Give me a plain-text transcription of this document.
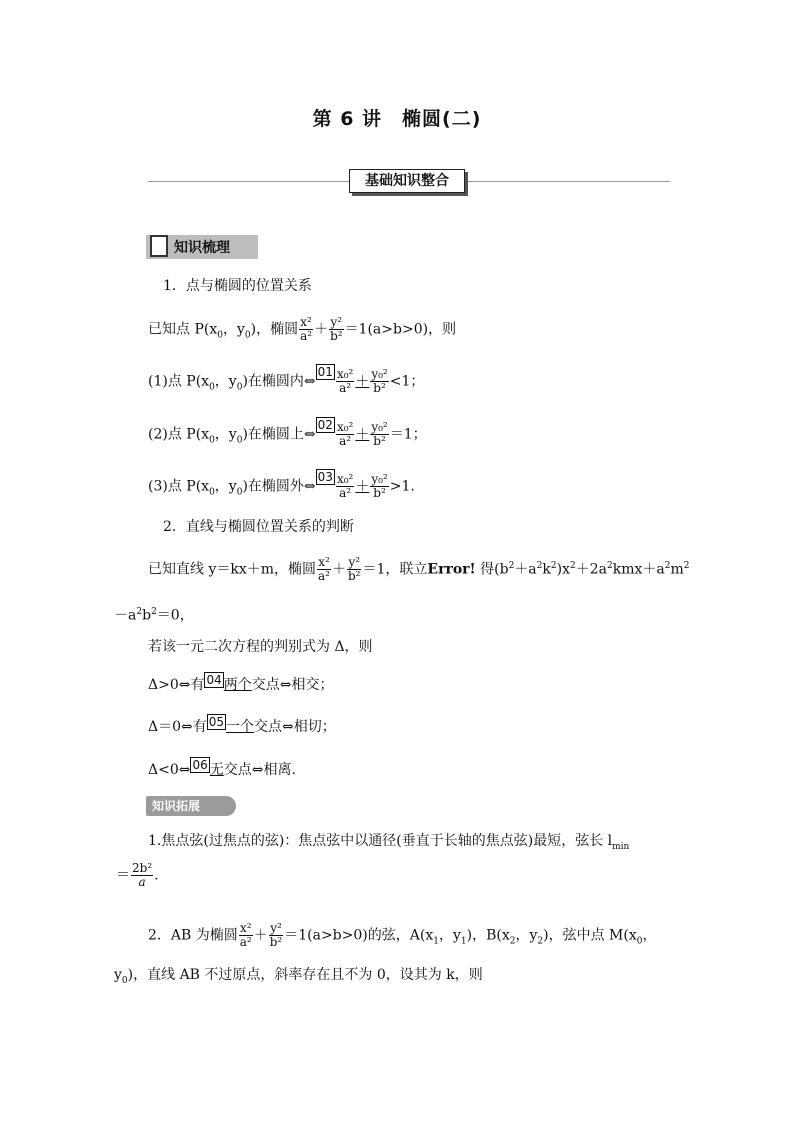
第 6 讲　椭圆(二)
基础知识整合
知识梳理
1．点与椭圆的位置关系
已知点 $P(x_0$，$y_0$)，椭圆 $\frac{\text{x²}}{\text{a²}} + \frac{\text{y²}}{\text{b²}} =1(a>b>0)$，则
(1)点 $P(x_0$，$y_0$)在椭圆内⇔01 $\frac{\text{x₀²}}{\text{a²}} + \frac{\text{y₀²}}{\text{b²}} <1$；
(2)点 $P(x_0$，$y_0$)在椭圆上⇔02 $\frac{\text{x₀²}}{\text{a²}} + \frac{\text{y₀²}}{\text{b²}} =1$；
(3)点 $P(x_0$，$y_0$)在椭圆外⇔03 $\frac{\text{x₀²}}{\text{a²}} + \frac{\text{y₀²}}{\text{b²}} >1$.
2．直线与椭圆位置关系的判断
已知直线 y＝kx＋m，椭圆 $\frac{\text{x²}}{\text{a²}} + \frac{\text{y²}}{\text{b²}} =1$，联立Error! 得$(b^2+a^2k^2)x^2+2a^2kmx+a^2m^2$
$-a^2b^2=0$，
若该一元二次方程的判别式为 Δ，则
Δ>0⇔有 04 两个交点⇔相交；
Δ＝0⇔有 05 一个交点⇔相切；
Δ<0⇔ 06 无交点⇔相离.
知识拓展
1.焦点弦(过焦点的弦)：焦点弦中以通径(垂直于长轴的焦点弦)最短，弦长 $l_{min}$
＝ $\frac{\text{2b²}}{a}$ .
2．AB 为椭圆 $\frac{\text{x²}}{\text{a²}} + \frac{\text{y²}}{\text{b²}} =1(a>b>0)$的弦，$A(x_1$，$y_1$)，$B(x_2$，$y_2$)，弦中点 $M(x_0$，
$y_0$)，直线 AB 不过原点，斜率存在且不为 0，设其为 k，则
